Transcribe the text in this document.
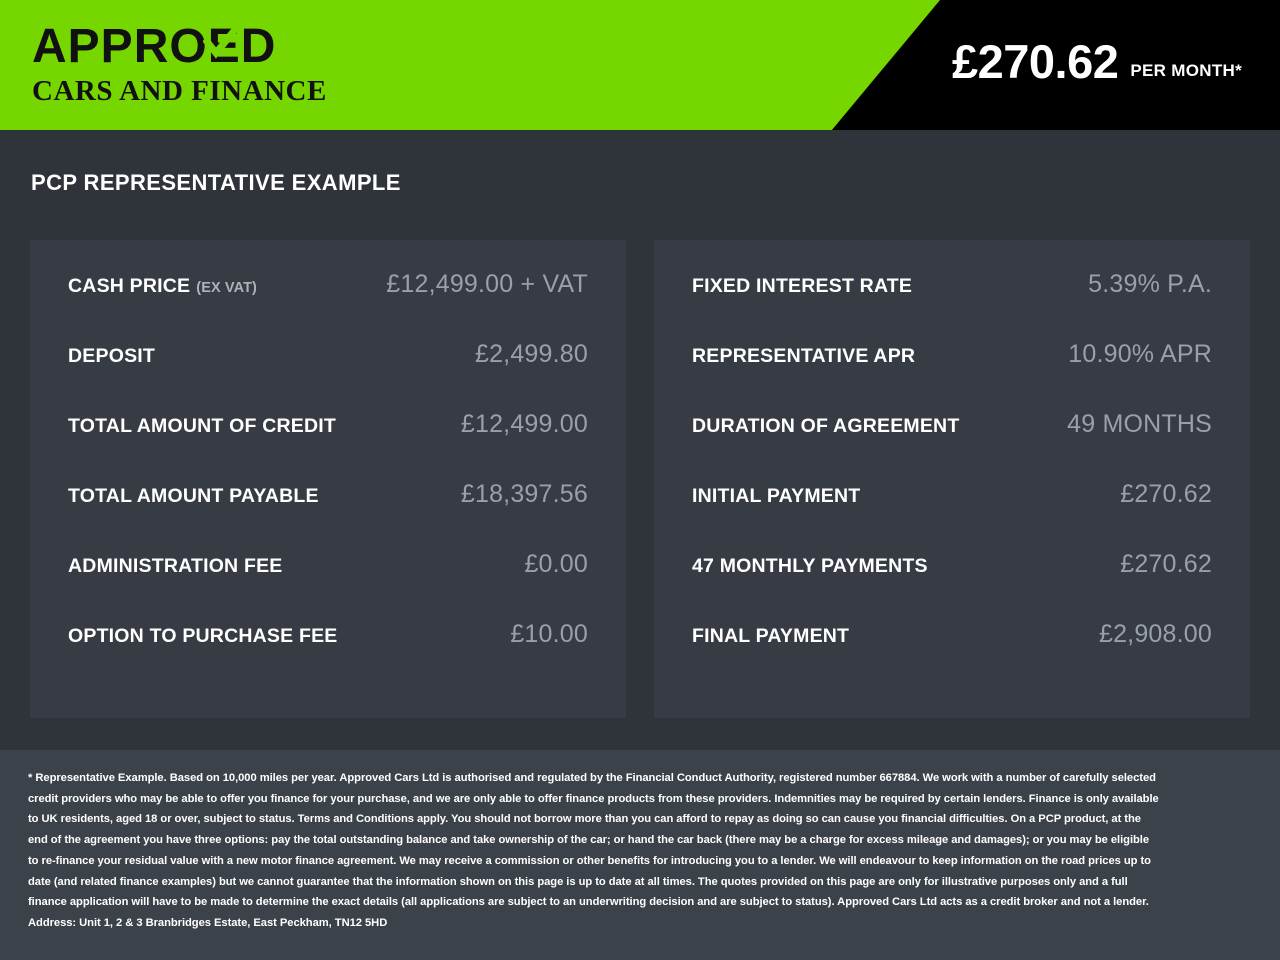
APPROED
CARS AND FINANCE
£270.62 PER MONTH*
PCP REPRESENTATIVE EXAMPLE
CASH PRICE (EX VAT)	£12,499.00 + VAT
DEPOSIT	£2,499.80
TOTAL AMOUNT OF CREDIT	£12,499.00
TOTAL AMOUNT PAYABLE	£18,397.56
ADMINISTRATION FEE	£0.00
OPTION TO PURCHASE FEE	£10.00
FIXED INTEREST RATE	5.39% P.A.
REPRESENTATIVE APR	10.90% APR
DURATION OF AGREEMENT	49 MONTHS
INITIAL PAYMENT	£270.62
47 MONTHLY PAYMENTS	£270.62
FINAL PAYMENT	£2,908.00

* Representative Example. Based on 10,000 miles per year. Approved Cars Ltd is authorised and regulated by the Financial Conduct Authority, registered number 667884. We work with a number of carefully selected credit providers who may be able to offer you finance for your purchase, and we are only able to offer finance products from these providers. Indemnities may be required by certain lenders. Finance is only available to UK residents, aged 18 or over, subject to status. Terms and Conditions apply. You should not borrow more than you can afford to repay as doing so can cause you financial difficulties. On a PCP product, at the end of the agreement you have three options: pay the total outstanding balance and take ownership of the car; or hand the car back (there may be a charge for excess mileage and damages); or you may be eligible to re-finance your residual value with a new motor finance agreement. We may receive a commission or other benefits for introducing you to a lender. We will endeavour to keep information on the road prices up to date (and related finance examples) but we cannot guarantee that the information shown on this page is up to date at all times. The quotes provided on this page are only for illustrative purposes only and a full finance application will have to be made to determine the exact details (all applications are subject to an underwriting decision and are subject to status). Approved Cars Ltd acts as a credit broker and not a lender. Address: Unit 1, 2 & 3 Branbridges Estate, East Peckham, TN12 5HD
